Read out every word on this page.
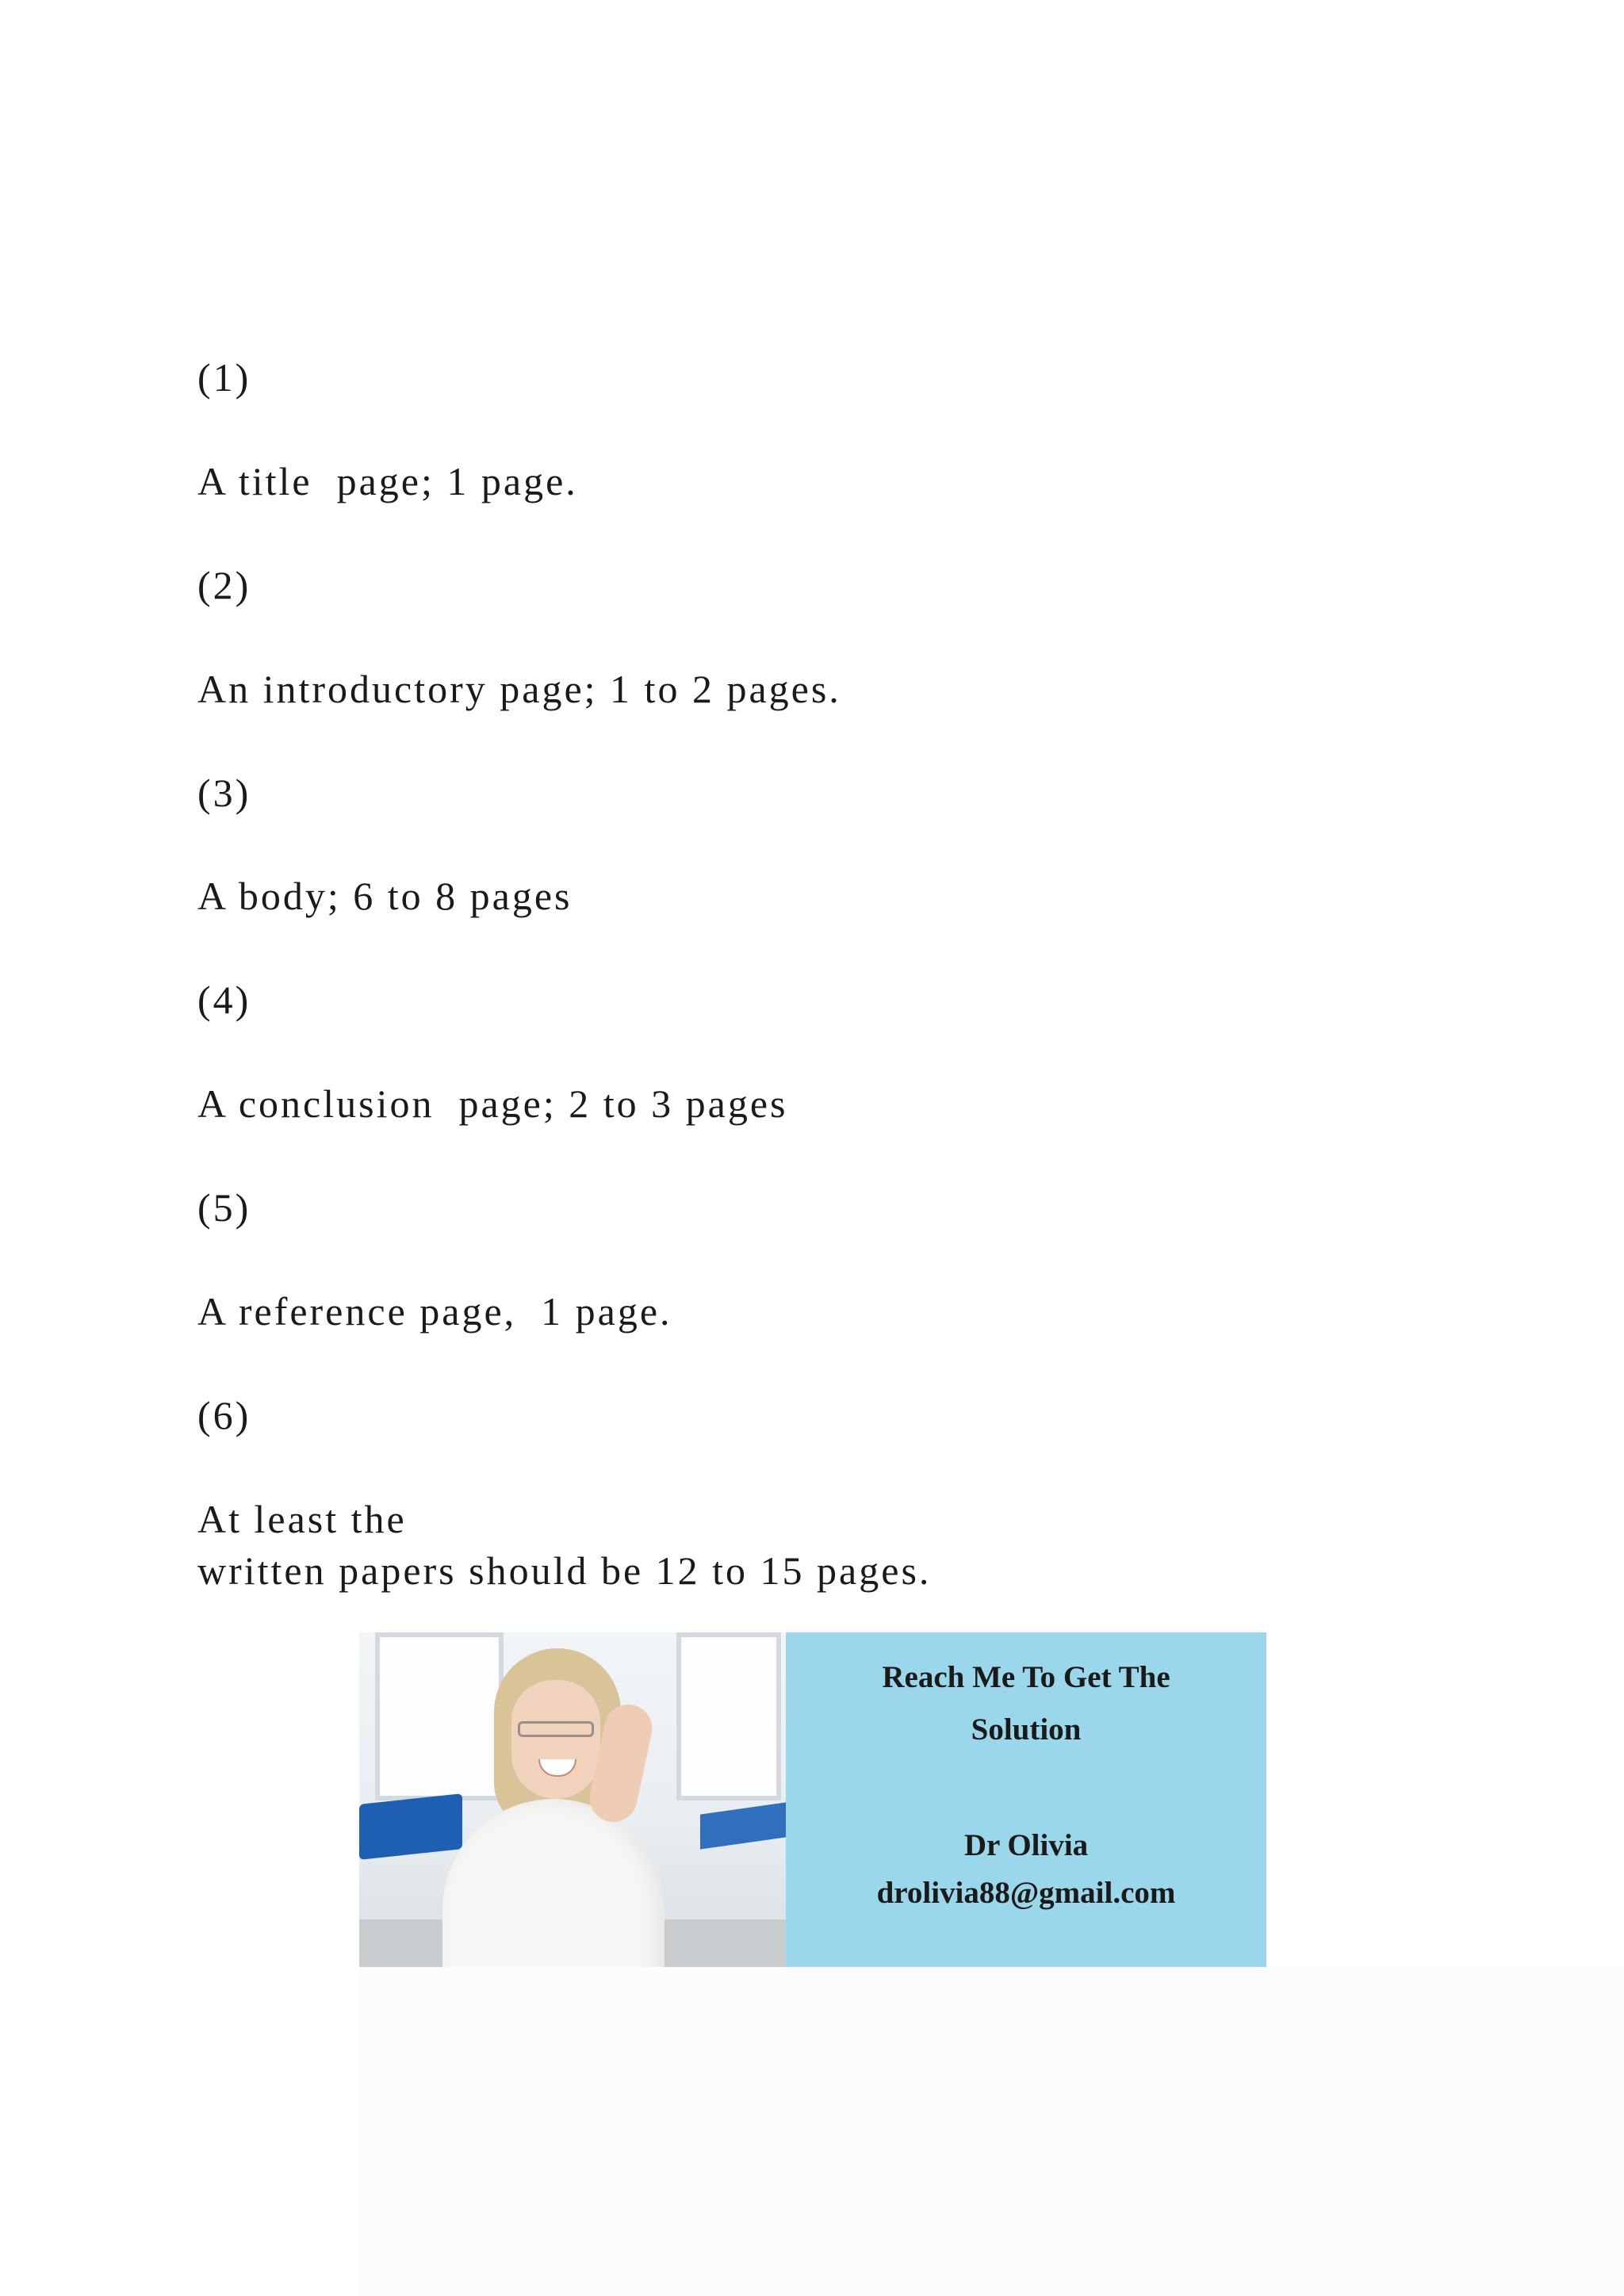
(1)

A title  page; 1 page.

(2)

An introductory page; 1 to 2 pages.

(3)

A body; 6 to 8 pages

(4)

A conclusion  page; 2 to 3 pages

(5)

A reference page,  1 page.

(6)

At least the

written papers should be 12 to 15 pages.

Reach Me To Get The
Solution
Dr Olivia
drolivia88@gmail.com
